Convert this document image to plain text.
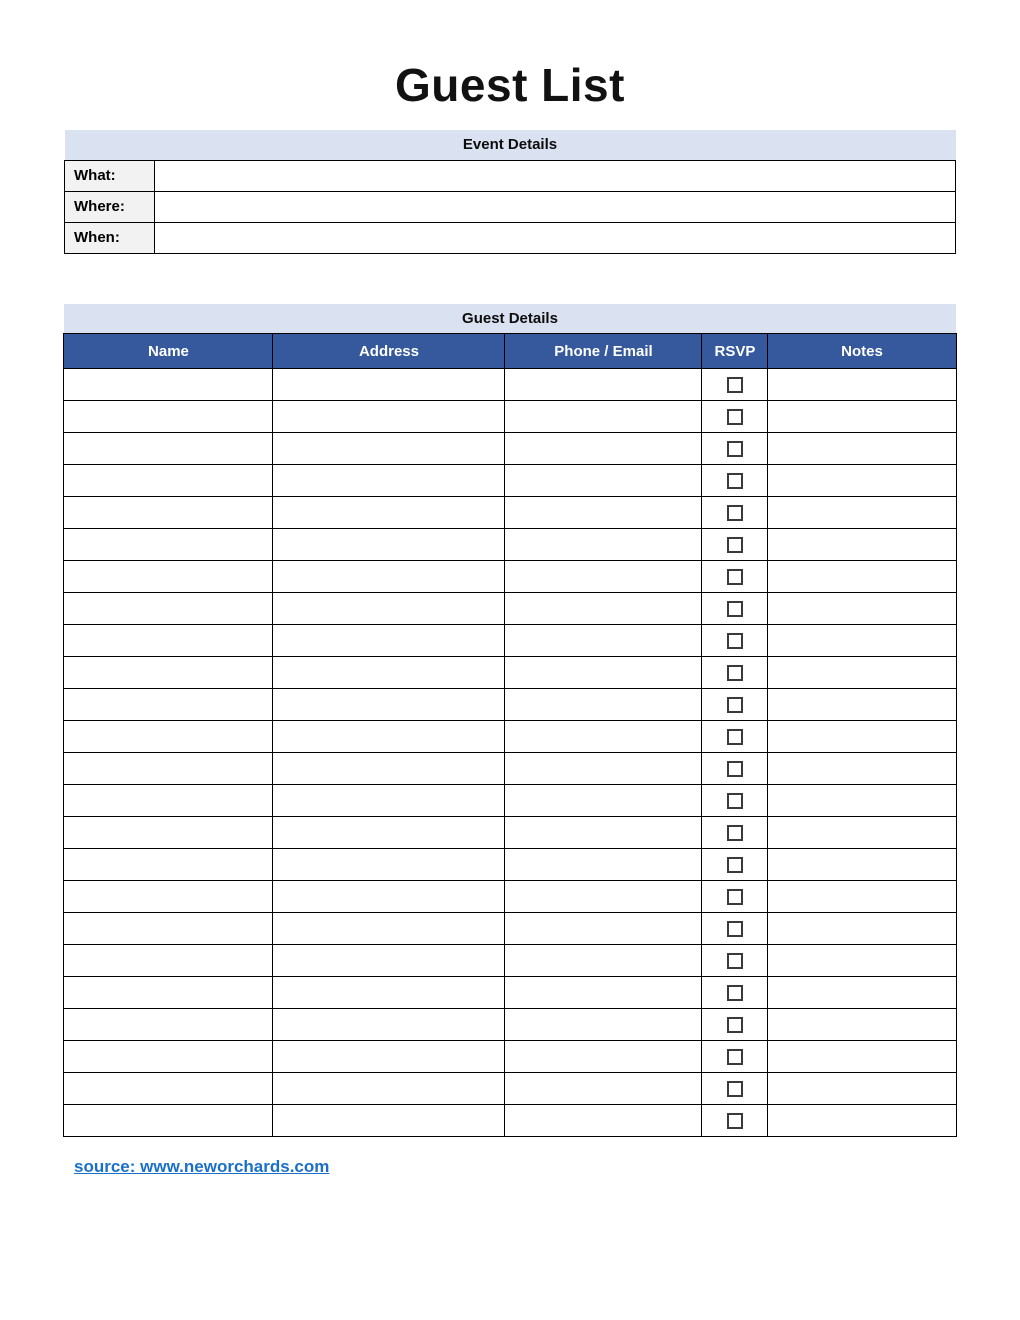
Guest List
Event Details	
What:	
Where:	
When:	
Guest Details				
Name	Address	Phone / Email	RSVP	Notes

source: www.neworchards.com
